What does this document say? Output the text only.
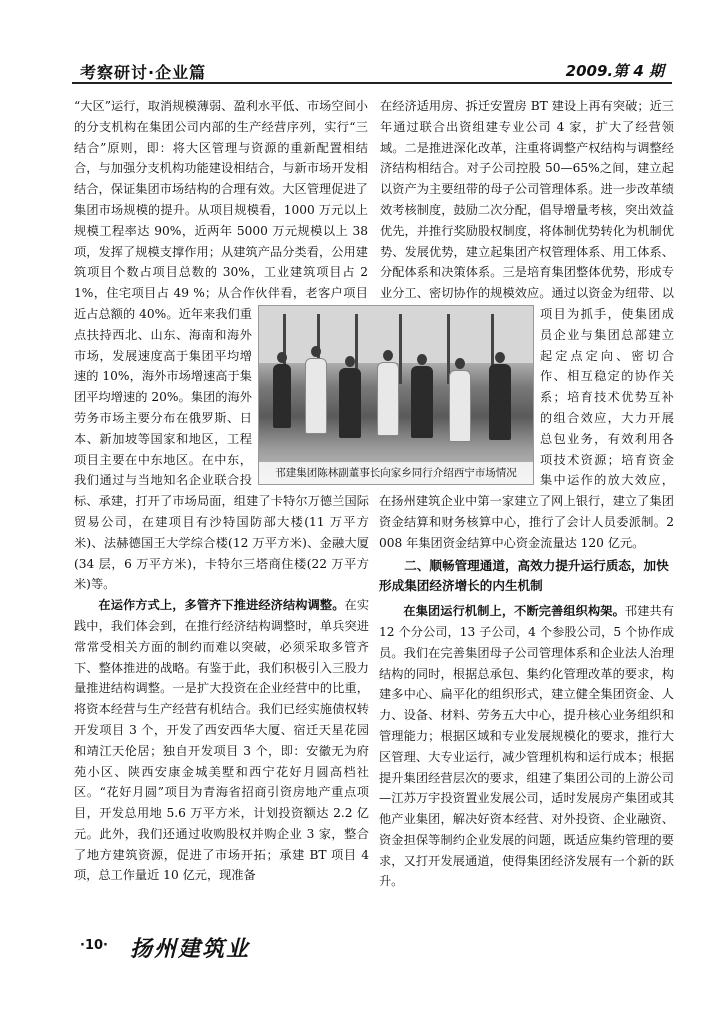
考察研讨·企业篇	2009.第 4 期

“大区”运行，取消规模薄弱、盈利水平低、市场空间小的分支机构在集团公司内部的生产经营序列，实行“三结合”原则，即：将大区管理与资源的重新配置相结合，与加强分支机构功能建设相结合，与新市场开发相结合，保证集团市场结构的合理有效。大区管理促进了集团市场规模的提升。从项目规模看，1000 万元以上规模工程率达 90%，近两年 5000 万元规模以上 38 项，发挥了规模支撑作用；从建筑产品分类看，公用建筑项目个数占项目总数的 30%，工业建筑项目占 21%，住宅项目占 49 %；从合作伙伴看，老客户项目近占总额的 40%。近年来我们重点扶持西北、山东、海南和海外市场，发展速度高于集团平均增速的 10%，海外市场增速高于集团平均增速的 20%。集团的海外劳务市场主要分布在俄罗斯、日本、新加坡等国家和地区，工程项目主要在中东地区。在中东，我们通过与当地知名企业联合投标、承建，打开了市场局面，组建了卡特尔万德兰国际贸易公司，在建项目有沙特国防部大楼(11 万平方米)、法赫德国王大学综合楼(12 万平方米)、金融大厦(34 层，6 万平方米)，卡特尔三塔商住楼(22 万平方米)等。

在运作方式上，多管齐下推进经济结构调整。在实践中，我们体会到，在推行经济结构调整时，单兵突进常常受相关方面的制约而难以突破，必须采取多管齐下、整体推进的战略。有鉴于此，我们积极引入三股力量推进结构调整。一是扩大投资在企业经营中的比重，将资本经营与生产经营有机结合。我们已经实施债权转开发项目 3 个，开发了西安西华大厦、宿迁天星花园和靖江天伦居；独自开发项目 3 个，即：安徽无为府苑小区、陕西安康金城美墅和西宁花好月圆高档社区。“花好月圆”项目为青海省招商引资房地产重点项目，开发总用地 5.6 万平方米，计划投资额达 2.2 亿元。此外，我们还通过收购股权并购企业 3 家，整合了地方建筑资源，促进了市场开拓；承建 BT 项目 4 项，总工作量近 10 亿元，现准备

在经济适用房、拆迁安置房 BT 建设上再有突破；近三年通过联合出资组建专业公司 4 家，扩大了经营领域。二是推进深化改革，注重将调整产权结构与调整经济结构相结合。对子公司控股 50—65%之间，建立起以资产为主要纽带的母子公司管理体系。进一步改革绩效考核制度，鼓励二次分配，倡导增量考核，突出效益优先，并推行奖励股权制度，将体制优势转化为机制优势、发展优势，建立起集团产权管理体系、用工体系、分配体系和决策体系。三是培育集团整体优势，形成专业分工、密切协作的规模效应。通过以资金为纽带、以项目为抓手，使集团成员企业与集团总部建立起定点定向、密切合作、相互稳定的协作关系；培育技术优势互补的组合效应，大力开展总包业务，有效利用各项技术资源；培育资金集中运作的放大效应，在扬州建筑企业中第一家建立了网上银行，建立了集团资金结算和财务核算中心，推行了会计人员委派制。2008 年集团资金结算中心资金流量达 120 亿元。

二、顺畅管理通道，高效力提升运行质态，加快形成集团经济增长的内生机制

在集团运行机制上，不断完善组织构架。邗建共有 12 个分公司，13 子公司，4 个参股公司，5 个协作成员。我们在完善集团母子公司管理体系和企业法人治理结构的同时，根据总承包、集约化管理改革的要求，构建多中心、扁平化的组织形式，建立健全集团资金、人力、设备、材料、劳务五大中心，提升核心业务组织和管理能力；根据区域和专业发展规模化的要求，推行大区管理、大专业运行，减少管理机构和运行成本；根据提升集团经营层次的要求，组建了集团公司的上游公司—江苏万宇投资置业发展公司，适时发展房产集团或其他产业集团，解决好资本经营、对外投资、企业融资、资金担保等制约企业发展的问题，既适应集约管理的要求，又打开发展通道，使得集团经济发展有一个新的跃升。

邗建集团陈林副董事长向家乡同行介绍西宁市场情况
·10· 扬州建筑业
